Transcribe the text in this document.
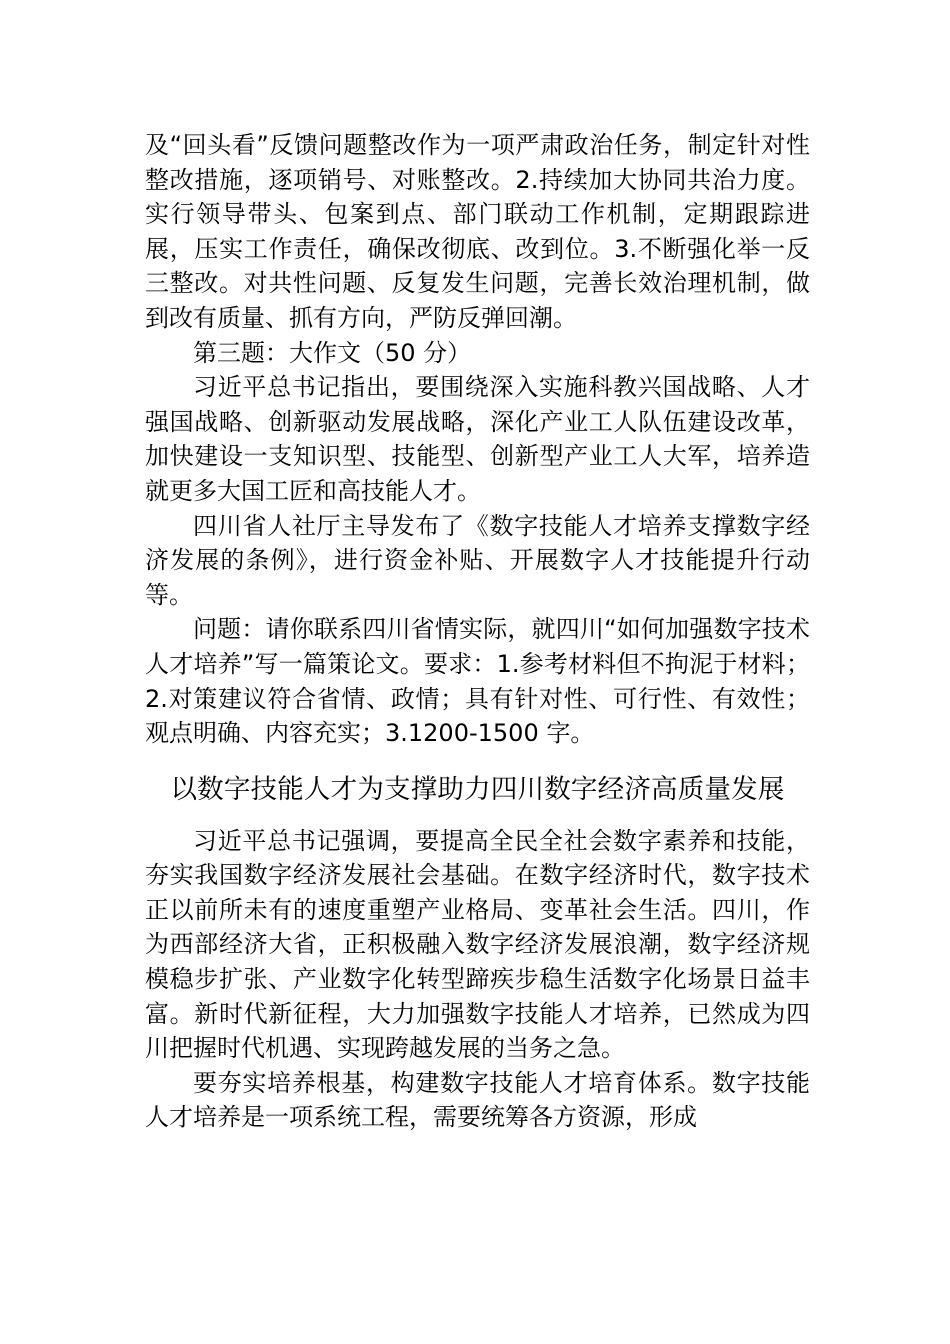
及“回头看”反馈问题整改作为一项严肃政治任务，制定针对性整改措施，逐项销号、对账整改。2.持续加大协同共治力度。实行领导带头、包案到点、部门联动工作机制，定期跟踪进展，压实工作责任，确保改彻底、改到位。3.不断强化举一反三整改。对共性问题、反复发生问题，完善长效治理机制，做到改有质量、抓有方向，严防反弹回潮。

第三题：大作文（50 分）

习近平总书记指出，要围绕深入实施科教兴国战略、人才强国战略、创新驱动发展战略，深化产业工人队伍建设改革，加快建设一支知识型、技能型、创新型产业工人大军，培养造就更多大国工匠和高技能人才。

四川省人社厅主导发布了《数字技能人才培养支撑数字经济发展的条例》，进行资金补贴、开展数字人才技能提升行动等。

问题：请你联系四川省情实际，就四川“如何加强数字技术人才培养”写一篇策论文。要求：1.参考材料但不拘泥于材料；2.对策建议符合省情、政情；具有针对性、可行性、有效性；观点明确、内容充实；3.1200-1500 字。

以数字技能人才为支撑助力四川数字经济高质量发展

习近平总书记强调，要提高全民全社会数字素养和技能，夯实我国数字经济发展社会基础。在数字经济时代，数字技术正以前所未有的速度重塑产业格局、变革社会生活。四川，作为西部经济大省，正积极融入数字经济发展浪潮，数字经济规模稳步扩张、产业数字化转型蹄疾步稳生活数字化场景日益丰富。新时代新征程，大力加强数字技能人才培养，已然成为四川把握时代机遇、实现跨越发展的当务之急。

要夯实培养根基，构建数字技能人才培育体系。数字技能人才培养是一项系统工程，需要统筹各方资源，形成
